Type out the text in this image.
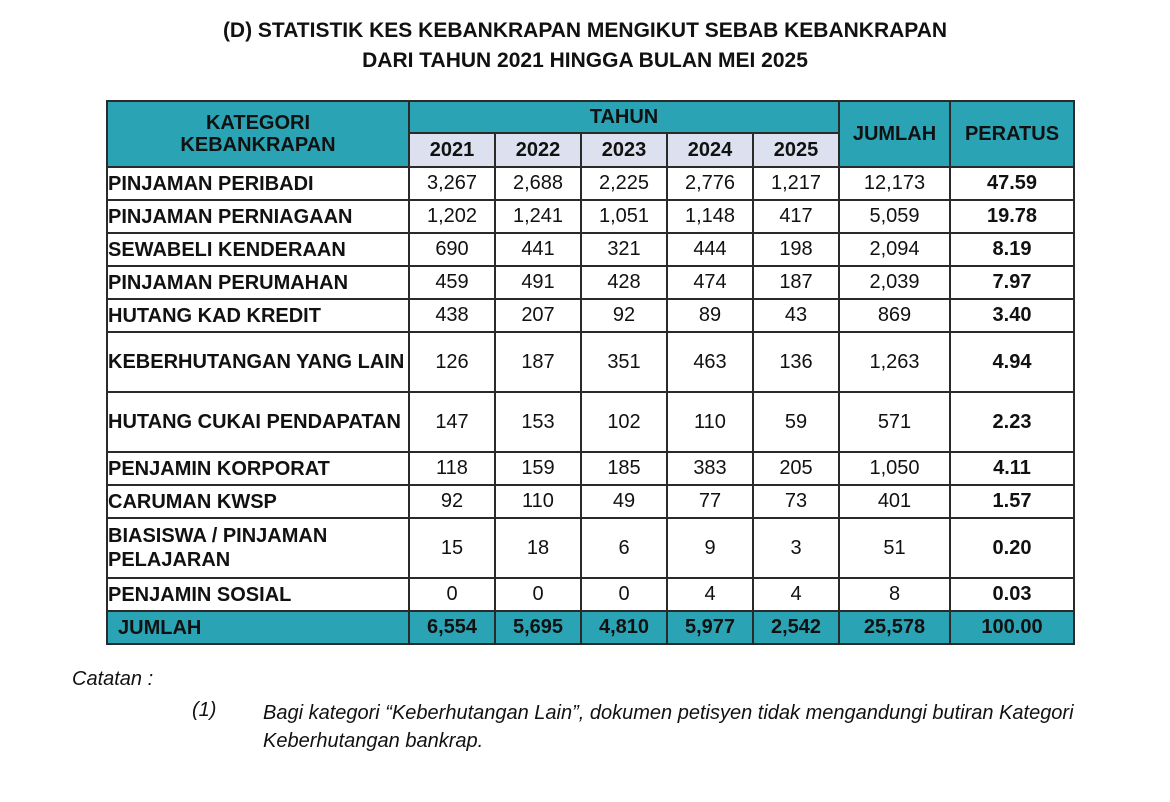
(D) STATISTIK KES KEBANKRAPAN MENGIKUT SEBAB KEBANKRAPAN
DARI TAHUN 2021 HINGGA BULAN MEI 2025
KATEGORI
KEBANKRAPAN	TAHUN					JUMLAH	PERATUS
	2021	2022	2023	2024	2025		
PINJAMAN PERIBADI	3,267	2,688	2,225	2,776	1,217	12,173	47.59
PINJAMAN PERNIAGAAN	1,202	1,241	1,051	1,148	417	5,059	19.78
SEWABELI KENDERAAN	690	441	321	444	198	2,094	8.19
PINJAMAN PERUMAHAN	459	491	428	474	187	2,039	7.97
HUTANG KAD KREDIT	438	207	92	89	43	869	3.40
KEBERHUTANGAN YANG LAIN	126	187	351	463	136	1,263	4.94
HUTANG CUKAI PENDAPATAN	147	153	102	110	59	571	2.23
PENJAMIN KORPORAT	118	159	185	383	205	1,050	4.11
CARUMAN KWSP	92	110	49	77	73	401	1.57
BIASISWA / PINJAMAN PELAJARAN	15	18	6	9	3	51	0.20
PENJAMIN SOSIAL	0	0	0	4	4	8	0.03
JUMLAH	6,554	5,695	4,810	5,977	2,542	25,578	100.00
Catatan :
(1) Bagi kategori “Keberhutangan Lain”, dokumen petisyen tidak mengandungi butiran Kategori Keberhutangan bankrap.
